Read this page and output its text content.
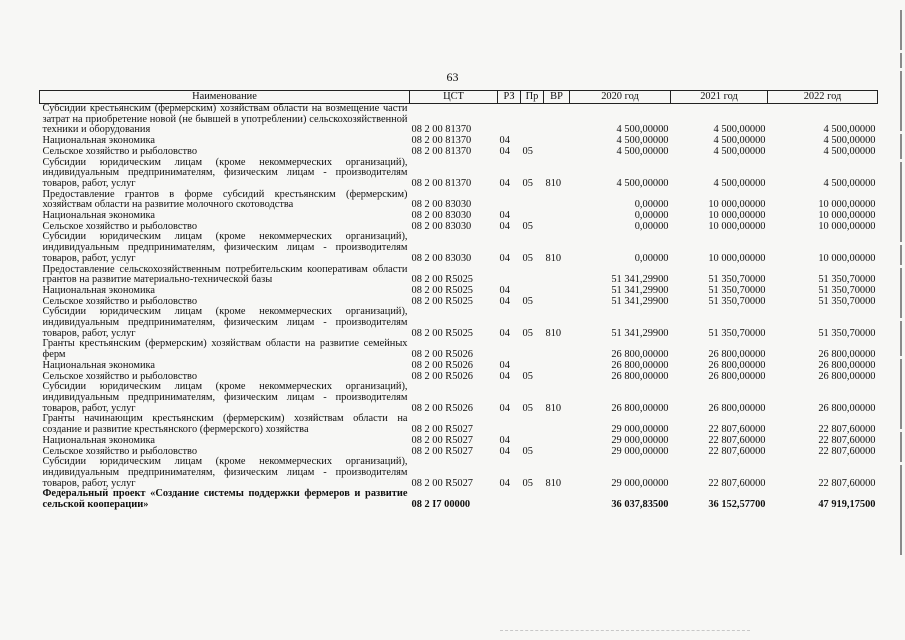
63
Наименование	ЦСТ	РЗ	Пр	ВР	2020 год	2021 год	2022 год
Субсидии крестьянским (фермерским) хозяйствам области на возмещение части затрат на приобретение новой (не бывшей в употреблении) сельскохозяйственной техники и оборудования	08 2 00 81370				4 500,00000	4 500,00000	4 500,00000
Национальная экономика	08 2 00 81370	04			4 500,00000	4 500,00000	4 500,00000
Сельское хозяйство и рыболовство	08 2 00 81370	04	05		4 500,00000	4 500,00000	4 500,00000
Субсидии юридическим лицам (кроме некоммерческих организаций), индивидуальным предпринимателям, физическим лицам - производителям товаров, работ, услуг	08 2 00 81370	04	05	810	4 500,00000	4 500,00000	4 500,00000
Предоставление грантов в форме субсидий крестьянским (фермерским) хозяйствам области на развитие молочного скотоводства	08 2 00 83030				0,00000	10 000,00000	10 000,00000
Национальная экономика	08 2 00 83030	04			0,00000	10 000,00000	10 000,00000
Сельское хозяйство и рыболовство	08 2 00 83030	04	05		0,00000	10 000,00000	10 000,00000
Субсидии юридическим лицам (кроме некоммерческих организаций), индивидуальным предпринимателям, физическим лицам - производителям товаров, работ, услуг	08 2 00 83030	04	05	810	0,00000	10 000,00000	10 000,00000
Предоставление сельскохозяйственным потребительским кооперативам области грантов на развитие материально-технической базы	08 2 00 R5025				51 341,29900	51 350,70000	51 350,70000
Национальная экономика	08 2 00 R5025	04			51 341,29900	51 350,70000	51 350,70000
Сельское хозяйство и рыболовство	08 2 00 R5025	04	05		51 341,29900	51 350,70000	51 350,70000
Субсидии юридическим лицам (кроме некоммерческих организаций), индивидуальным предпринимателям, физическим лицам - производителям товаров, работ, услуг	08 2 00 R5025	04	05	810	51 341,29900	51 350,70000	51 350,70000
Гранты крестьянским (фермерским) хозяйствам области на развитие семейных ферм	08 2 00 R5026				26 800,00000	26 800,00000	26 800,00000
Национальная экономика	08 2 00 R5026	04			26 800,00000	26 800,00000	26 800,00000
Сельское хозяйство и рыболовство	08 2 00 R5026	04	05		26 800,00000	26 800,00000	26 800,00000
Субсидии юридическим лицам (кроме некоммерческих организаций), индивидуальным предпринимателям, физическим лицам - производителям товаров, работ, услуг	08 2 00 R5026	04	05	810	26 800,00000	26 800,00000	26 800,00000
Гранты начинающим крестьянским (фермерским) хозяйствам области на создание и развитие крестьянского (фермерского) хозяйства	08 2 00 R5027				29 000,00000	22 807,60000	22 807,60000
Национальная экономика	08 2 00 R5027	04			29 000,00000	22 807,60000	22 807,60000
Сельское хозяйство и рыболовство	08 2 00 R5027	04	05		29 000,00000	22 807,60000	22 807,60000
Субсидии юридическим лицам (кроме некоммерческих организаций), индивидуальным предпринимателям, физическим лицам - производителям товаров, работ, услуг	08 2 00 R5027	04	05	810	29 000,00000	22 807,60000	22 807,60000
Федеральный проект «Создание системы поддержки фермеров и развитие сельской кооперации»	08 2 I7 00000				36 037,83500	36 152,57700	47 919,17500
